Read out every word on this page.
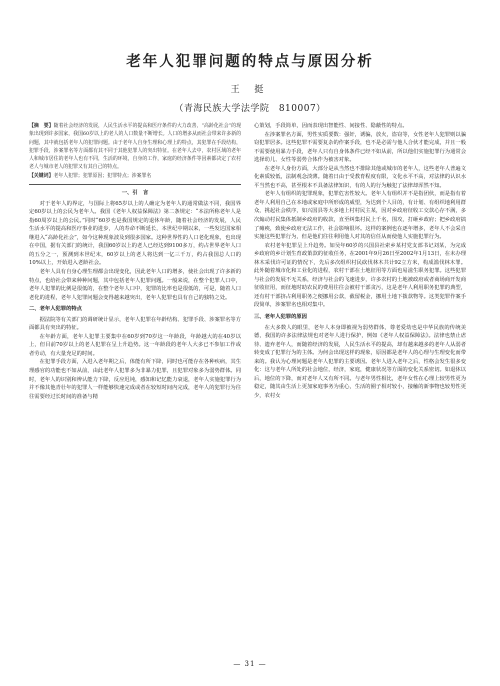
老年人犯罪问题的特点与原因分析
王 挺
（青海民族大学法学院　810007）

【摘　要】随着社会经济的发展，人民生活水平的提高和医疗条件的大力改善，“高龄化社会”的现象出现到许多国家，我国60岁以上的老人的人口数量不断增长。人口的增多从而社会带来许多新的问题，其中就包括老年人的犯罪问题。由于老年人自身生理和心理上的特点，其犯罪在手段结构，犯罪手段，涉案罪名等方面都有其不同于其他犯罪人的突出特征。在老年人去中，农村区域的老年人和城市居住的老年人也有不同，生活的环境，自身的工作，家庭的经济条件等因素都决定了农村老人与城市老人的犯罪又有其自己的特点。

【关键词】老年人犯罪；犯罪原因；犯罪特点；涉案罪名

一、引　言

对于老年人的界定，与国际上将65岁以上的人确定为老年人的通常做法不同，我国界定60岁以上的公民为老年人。我国《老年人权益保障法》第二条规定：“本法所称老年人是指60周岁以上的公民。”同时“60岁也是我国规定的退休年龄，随着社会经济的发展，人民生活水平的提高和医疗事业的进步，人的寿命不断延长，本世纪中期以来，一些发达国家相继进入“高龄化社会”，如今这种现象波及到很多国家。这种世界性的人口老化现象，也出现在中国，据有关部门的统计，我国60岁以上的老人已经达到9100多万，约占世界老年人口的五分之一，预测到本世纪末，60岁以上的老人将达到一亿三千万，约占我国总人口的10%以上，开始进入老龄社会。

老年人具有自身心理生理都会出现变化，因此老年人口的增多，使社会出现了许多新的特点，也给社会带来种种问题，其中包括老年人犯罪问题。一般来说，在整个犯罪人口中，老年人犯罪的比例是很低的，在整个老年人口中，犯罪的比率也是很低的，可是，随着人口老化的进程，老年人犯罪问题会变得越来越突出，老年人犯罪也具有自己的独特之处。

二、老年人犯罪的特点

据法院等有关部门的调研统计显示，老年人犯罪在年龄结构、犯罪手段、涉案罪名等方面都具有突出的特征。

在年龄方面，老年人犯罪主要集中在60岁到70岁这一年龄段，年龄越大的在40岁以上，但目前70岁以上的老人犯罪在呈上升趋势。这一年龄段的老年人大多已不参加工作或者劳动，有大量充足的时间。

在犯罪手段方面，入进入老年期之后，体能有所下降，同时也可能存在各种疾病，其生理感官的功能也不如从前，由此老年人犯罪多为非暴力犯罪，且犯罪对象多为弱势群体。同时，老年人的识别和辨认能力下降，反应迟钝，感知和记忆能力衰退，老年人实施犯罪行为并不像其他青壮年的犯罪人一样能够快速完成或者在较短时间内完成，老年人的犯罪行为往往需要经过长时间的准备与精

心策划，手段简单，因而表现出智能性、间接性、隐蔽性的特点。

在涉案罪名方面，男性实质要数：强奸，诱骗，放火，盗窃等，女性老年人犯罪则以骗窃犯罪居多。这些犯罪不需要复杂的作案手段，也不是必需与他人合伙才能完成，并且一般不需要使用暴力手段，老年人只有自身体条件已经不如从前，所以他们实施犯罪行为通常会选择幼儿、女性等弱势合体作为被害对象。

在老年人身份方面，大部分是从当然也不排除其他或城市的老年人，这些老年人普遍文化素质较低，法制观念淡薄。随着日由于受教育程度有限，文化水平不高，对法律的认识水平当然也不高，甚至根本不具备法律知识，有的人的行为触犯了法律却浑然不知。

老年人有组织的犯罪现象，犯罪危害性较大。老年人有组织并不是指团伙，而是指有着老年人利用自己在本地或家庭中所形成的威望，为达到个人目的，有计划、有组织地利用群众，挑起社会秩序，如兴国县等大多地上村村民主某，因对乡政府征收工交款心存不满，多次煽动村民集体抵制乡政府的收款，直至纠集村民上千名，围攻，打砸乡政府；把乡政府搞了瘫痪，致使乡政府无法工作，社会影响很坏。这样的案例也在逐年增多，老年人不会采自实施这些犯罪行为，但是他们往往利用他人对其的信任从而使他人实施犯罪行为。

农村老年犯罪呈上升趋势。如吴年60岁的兴国县社索乡某村党支部书记刘某，为完成乡政府的乡计划生育政策款的征收任务，在2001年9月26日至2002年1月13日，在未办理林木采伐许可证的情况下，先后多次组织村民砍伐林木共计92立方米，构成滥伐林木罪。此外随着城市化和工业化的进程，农村干部在土地征用等方面也易滋生职务犯罪。这些犯罪与社会的发展不无关系，经济与社会的飞速进步，许多农村的土地被政府或者商场商开发商征收征用，而征地时助农民的费用往往会被村干部贪污，这是老年人利用职务犯罪的典型，还有村干部挤占利用职务之便挪用公款，截留税金，挪用土地下拨款物等。这类犯罪作案手段简单，涉案罪名也相对集中。

三、老年人犯罪的原因

在大多数人的眼里，老年人本身即被视为弱势群体，尊老爱幼也是中华民族的传统美德，我国的许多法律法规也对老年人进行保护，例如《老年人权益保障法》。法律也禁止虐待、遗弃老年人，而随着经济的发展，人民生活水平的提高，却有越来越多的老年人从弱者转变成了犯罪行为的主体。为何会出现这样的现象，原因都是老年人的心理与生理变化而带来的。我认为心理问题是老年人犯罪的主要诱因。老年人进入老年之后，性格会发生很多变化：这与老年人所处的社会地位，经济，家庭，健康状况等方面的变化关系密切。如退休以后，地位的下降，而对老年人又有所不同。与老年男性相比，老年女性在心理上较男性更为稳定，随其由生活上更加家庭事务为重心，生活的圈子相对较小，接触的新事物也较男性更少，农村女

— 31 —
